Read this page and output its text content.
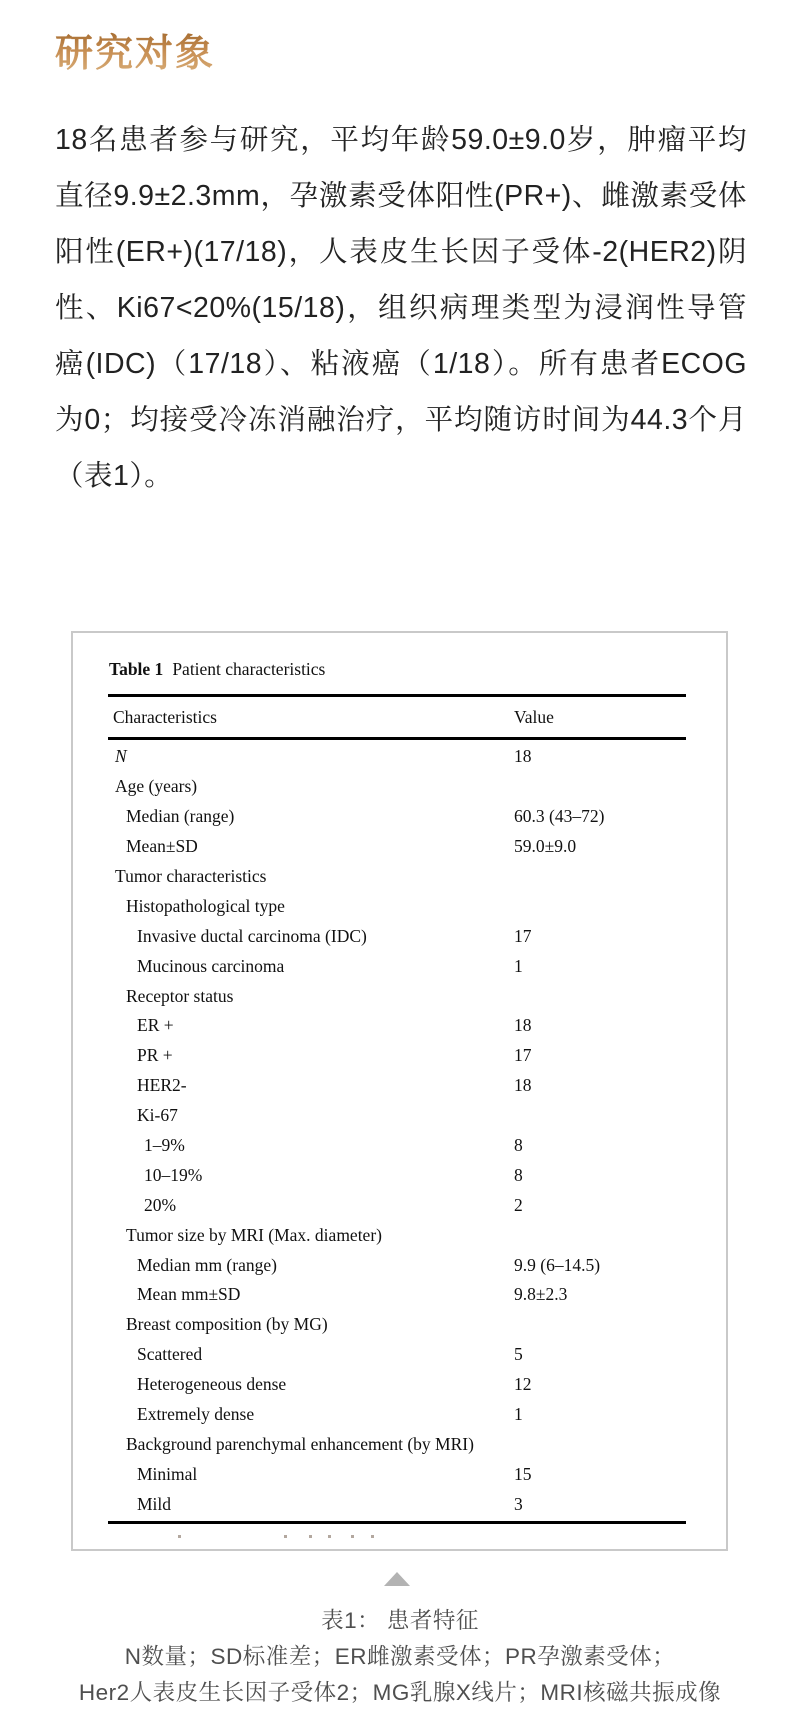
研究对象

18名患者参与研究，平均年龄59.0±9.0岁，肿瘤平均直径9.9±2.3mm，孕激素受体阳性(PR+)、雌激素受体阳性(ER+)(17/18)，人表皮生长因子受体-2(HER2)阴性、Ki67<20%(15/18)，组织病理类型为浸润性导管癌(IDC)（17/18）、粘液癌（1/18）。所有患者ECOG为0；均接受冷冻消融治疗，平均随访时间为44.3个月（表1）。

Table 1 Patient characteristics
Characteristics	Value
N	18
Age (years)
Median (range)	60.3 (43–72)
Mean±SD	59.0±9.0
Tumor characteristics
Histopathological type
Invasive ductal carcinoma (IDC)	17
Mucinous carcinoma	1
Receptor status
ER +	18
PR +	17
HER2-	18
Ki-67
1–9%	8
10–19%	8
20%	2
Tumor size by MRI (Max. diameter)
Median mm (range)	9.9 (6–14.5)
Mean mm±SD	9.8±2.3
Breast composition (by MG)
Scattered	5
Heterogeneous dense	12
Extremely dense	1
Background parenchymal enhancement (by MRI)
Minimal	15
Mild	3
表1： 患者特征
N数量；SD标准差；ER雌激素受体；PR孕激素受体；
Her2人表皮生长因子受体2；MG乳腺X线片；MRI核磁共振成像
